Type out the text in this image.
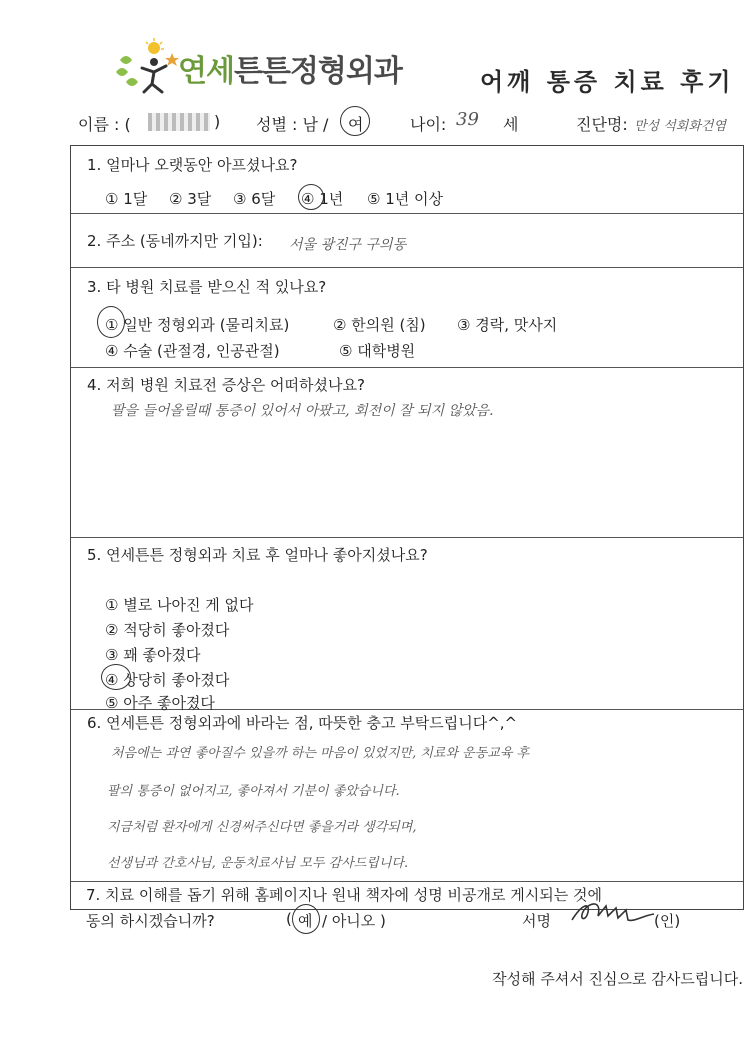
연세튼튼정형외과	어깨 통증 치료 후기
이름 : (	) 성별 : 남 / 여	나이: 39 세	진단명: 만성 석회화건염
1. 얼마나 오랫동안 아프셨나요?
① 1달 ② 3달 ③ 6달 ④ 1년 ⑤ 1년 이상
2. 주소 (동네까지만 기입): 서울 광진구 구의동
3. 타 병원 치료를 받으신 적 있나요?
① 일반 정형외과 (물리치료)	② 한의원 (침) ③ 경락, 맛사지
④ 수술 (관절경, 인공관절)	⑤ 대학병원
4. 저희 병원 치료전 증상은 어떠하셨나요?
팔을 들어올릴때 통증이 있어서 아팠고, 회전이 잘 되지 않았음.
5. 연세튼튼 정형외과 치료 후 얼마나 좋아지셨나요?
① 별로 나아진 게 없다
② 적당히 좋아졌다
③ 꽤 좋아졌다
④ 상당히 좋아졌다
⑤ 아주 좋아졌다
6. 연세튼튼 정형외과에 바라는 점, 따뜻한 충고 부탁드립니다^,^
처음에는 과연 좋아질수 있을까 하는 마음이 있었지만, 치료와 운동교육 후
팔의 통증이 없어지고, 좋아져서 기분이 좋았습니다.
지금처럼 환자에게 신경써주신다면 좋을거라 생각되며,
선생님과 간호사님, 운동치료사님 모두 감사드립니다.
7. 치료 이해를 돕기 위해 홈페이지나 원내 책자에 성명 비공개로 게시되는 것에
동의 하시겠습니까?	( 예 / 아니오 )	서명	(인)
작성해 주셔서 진심으로 감사드립니다.
